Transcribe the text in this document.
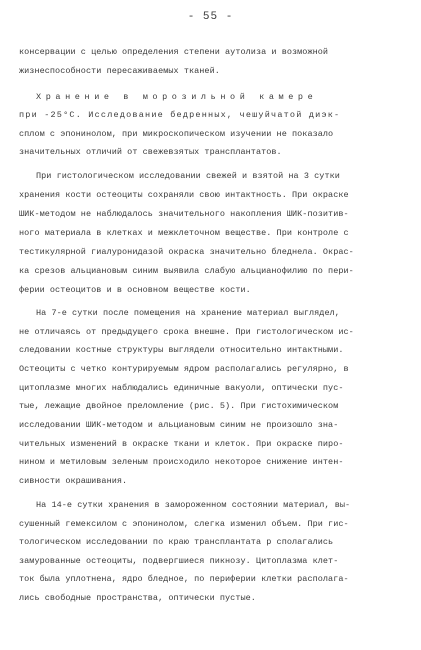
- 55 -
консервации с целью определения степени аутолиза и возможной
жизнеспособности пересаживаемых тканей.
Хранение в морозильной камере
при -25°С. Исследование бедренных, чешуйчатой диэк-
сплом с эпонинолом, при микроскопическом изучении не показало
значительных отличий от свежевзятых трансплантатов.
При гистологическом исследовании свежей и взятой на 3 сутки
хранения кости остеоциты сохраняли свою интактность. При окраске
ШИК-методом не наблюдалось значительного накопления ШИК-позитив-
ного материала в клетках и межклеточном веществе. При контроле с
тестикулярной гиалуронидазой окраска значительно бледнела. Окрас-
ка срезов альциановым синим выявила слабую альцианофилию по пери-
ферии остеоцитов и в основном веществе кости.
На 7-е сутки после помещения на хранение материал выглядел,
не отличаясь от предыдущего срока внешне. При гистологическом ис-
следовании костные структуры выглядели относительно интактными.
Остеоциты с четко контурируемым ядром располагались регулярно, в
цитоплазме многих наблюдались единичные вакуоли, оптически пус-
тые, лежащие двойное преломление (рис. 5). При гистохимическом
исследовании ШИК-методом и альциановым синим не произошло зна-
чительных изменений в окраске ткани и клеток. При окраске пиро-
нином и метиловым зеленым происходило некоторое снижение интен-
сивности окрашивания.
На 14-е сутки хранения в замороженном состоянии материал, вы-
сушенный гемексилом с эпонинолом, слегка изменил объем. При гис-
тологическом исследовании по краю трансплантата р сполагались
замурованные остеоциты, подвергшиеся пикнозу. Цитоплазма клет-
ток была уплотнена, ядро бледное, по периферии клетки располага-
лись свободные пространства, оптически пустые.
